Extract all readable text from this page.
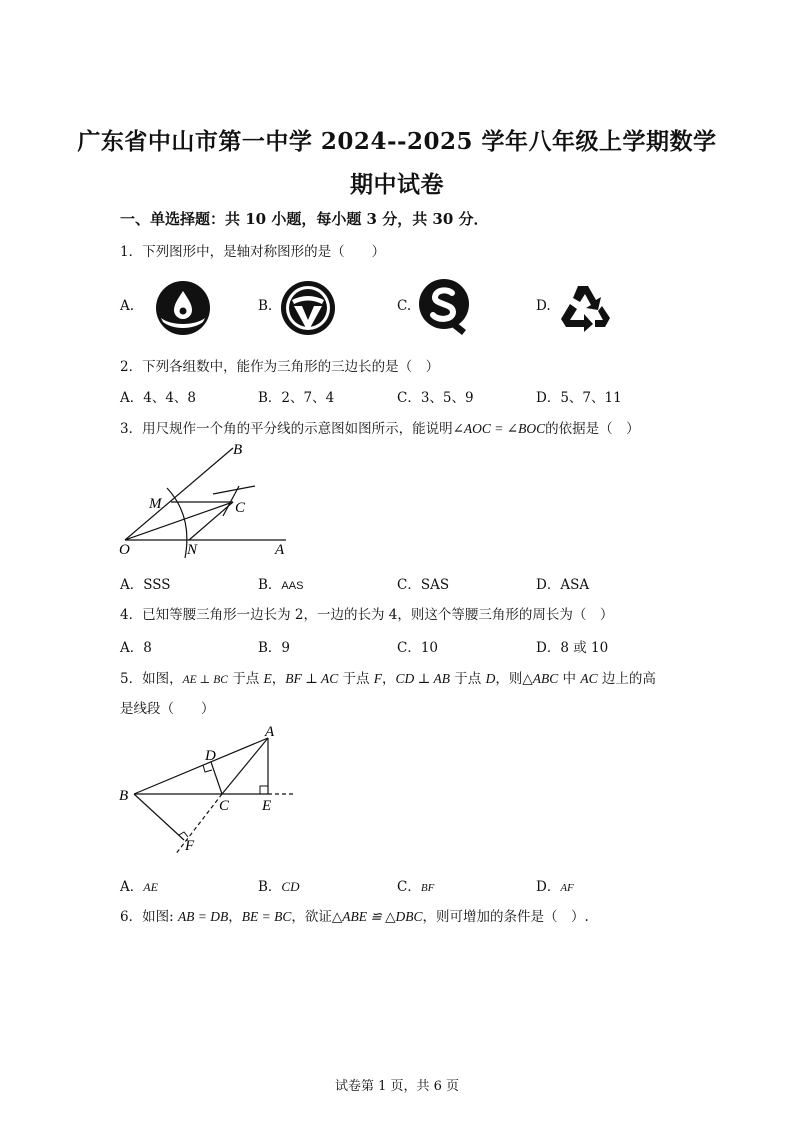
广东省中山市第一中学 2024--2025 学年八年级上学期数学
期中试卷
一、单选择题：共 10 小题，每小题 3 分，共 30 分．
1．下列图形中，是轴对称图形的是（　　）
A.	B.	C.	D.
2．下列各组数中，能作为三角形的三边长的是（　）
A．4、4、8	B．2、7、4	C．3、5、9	D．5、7、11
3．用尺规作一个角的平分线的示意图如图所示，能说明∠AOC = ∠BOC的依据是（　）
B
M	C
O	N	A
A．SSS	B．AAS	C．SAS	D．ASA
4．已知等腰三角形一边长为 2，一边的长为 4，则这个等腰三角形的周长为（　）
A．8	B．9	C．10	D．8 或 10
5．如图，AE ⊥ BC 于点 E，BF ⊥ AC 于点 F，CD ⊥ AB 于点 D，则△ABC 中 AC 边上的高
是线段（　　）
A
D
B
C E
F
A．AE	B．CD	C．BF	D．AF
6．如图: AB = DB，BE = BC，欲证△ABE ≌ △DBC，则可增加的条件是（　）.
试卷第 1 页，共 6 页
